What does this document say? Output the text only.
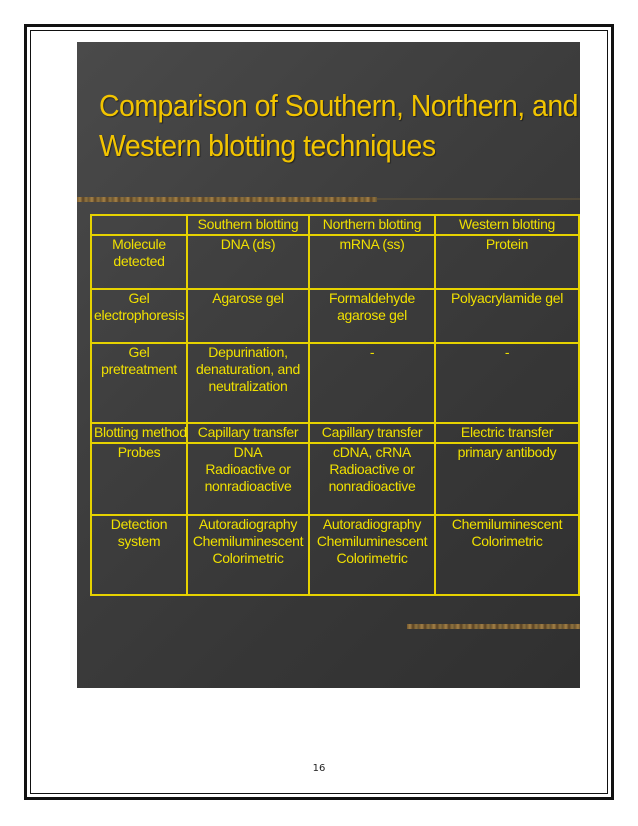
Comparison of Southern, Northern, and
Western blotting techniques
	Southern blotting	Northern blotting	Western blotting

Molecule
detected	DNA (ds)	mRNA (ss)	Protein

Gel
electrophoresis	Agarose gel	Formaldehyde
agarose gel	Polyacrylamide gel

Gel
pretreatment	Depurination,
denaturation, and
neutralization	-	-

Blotting method	Capillary transfer	Capillary transfer	Electric transfer

Probes	DNA
Radioactive or
nonradioactive	cDNA, cRNA
Radioactive or
nonradioactive	primary antibody

Detection
system	Autoradiography
Chemiluminescent
Colorimetric	Autoradiography
Chemiluminescent
Colorimetric	Chemiluminescent
Colorimetric
16
